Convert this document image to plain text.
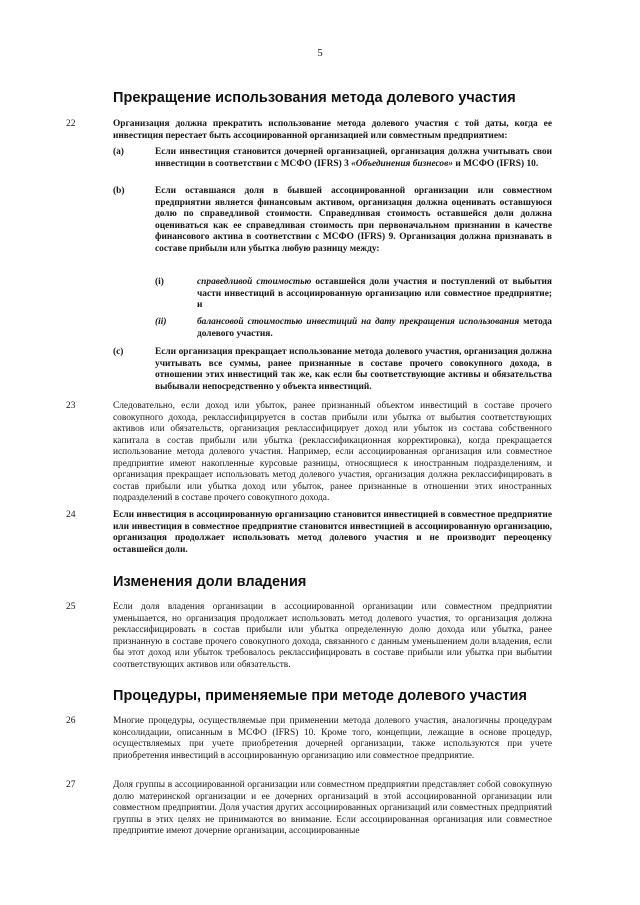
5
Прекращение использования метода долевого участия
22	Организация должна прекратить использование метода долевого участия с той даты, когда ее инвестиция перестает быть ассоциированной организацией или совместным предприятием:
(a)	Если инвестиция становится дочерней организацией, организация должна учитывать свои инвестиции в соответствии с МСФО (IFRS) 3 «Объединения бизнесов» и МСФО (IFRS) 10.
(b)	Если оставшаяся доля в бывшей ассоциированной организации или совместном предприятии является финансовым активом, организация должна оценивать оставшуюся долю по справедливой стоимости. Справедливая стоимость оставшейся доли должна оцениваться как ее справедливая стоимость при первоначальном признании в качестве финансового актива в соответствии с МСФО (IFRS) 9. Организация должна признавать в составе прибыли или убытка любую разницу между:
(i)	справедливой стоимостью оставшейся доли участия и поступлений от выбытия части инвестиций в ассоциированную организацию или совместное предприятие; и
(ii)	балансовой стоимостью инвестиций на дату прекращения использования метода долевого участия.
(c)	Если организация прекращает использование метода долевого участия, организация должна учитывать все суммы, ранее признанные в составе прочего совокупного дохода, в отношении этих инвестиций так же, как если бы соответствующие активы и обязательства выбывали непосредственно у объекта инвестиций.
23	Следовательно, если доход или убыток, ранее признанный объектом инвестиций в составе прочего совокупного дохода, реклассифицируется в состав прибыли или убытка от выбытия соответствующих активов или обязательств, организация реклассифицирует доход или убыток из состава собственного капитала в состав прибыли или убытка (реклассификационная корректировка), когда прекращается использование метода долевого участия. Например, если ассоциированная организация или совместное предприятие имеют накопленные курсовые разницы, относящиеся к иностранным подразделениям, и организация прекращает использовать метод долевого участия, организация должна реклассифицировать в состав прибыли или убытка доход или убыток, ранее признанные в отношении этих иностранных подразделений в составе прочего совокупного дохода.
24	Если инвестиция в ассоциированную организацию становится инвестицией в совместное предприятие или инвестиция в совместное предприятие становится инвестицией в ассоциированную организацию, организация продолжает использовать метод долевого участия и не производит переоценку оставшейся доли.
Изменения доли владения
25	Если доля владения организации в ассоциированной организации или совместном предприятии уменьшается, но организация продолжает использовать метод долевого участия, то организация должна реклассифицировать в состав прибыли или убытка определенную долю дохода или убытка, ранее признанную в составе прочего совокупного дохода, связанного с данным уменьшением доли владения, если бы этот доход или убыток требовалось реклассифицировать в составе прибыли или убытка при выбытии соответствующих активов или обязательств.
Процедуры, применяемые при методе долевого участия
26	Многие процедуры, осуществляемые при применении метода долевого участия, аналогичны процедурам консолидации, описанным в МСФО (IFRS) 10. Кроме того, концепции, лежащие в основе процедур, осуществляемых при учете приобретения дочерней организации, также используются при учете приобретения инвестиций в ассоциированную организацию или совместное предприятие.
27	Доля группы в ассоциированной организации или совместном предприятии представляет собой совокупную долю материнской организации и ее дочерних организаций в этой ассоциированной организации или совместном предприятии. Доля участия других ассоциированных организаций или совместных предприятий группы в этих целях не принимаются во внимание. Если ассоциированная организация или совместное предприятие имеют дочерние организации, ассоциированные
